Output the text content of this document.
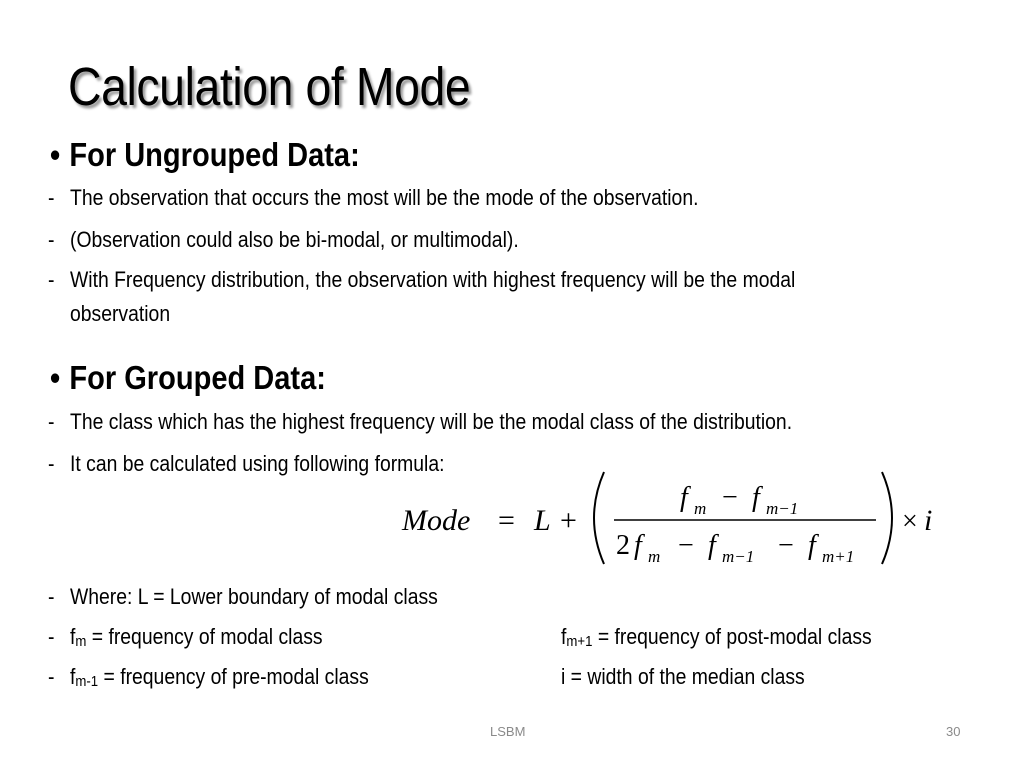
Calculation of Mode
• For Ungrouped Data:
- The observation that occurs the most will be the mode of the observation.
- (Observation could also be bi-modal, or multimodal).
- With Frequency distribution, the observation with highest frequency will be the modal
observation
• For Grouped Data:
- The class which has the highest frequency will be the modal class of the distribution.
- It can be calculated using following formula:
Mode = L +
f m − f m−1
2 f m − f m−1 − f m+1
× i
- Where: L = Lower boundary of modal class
- fm = frequency of modal class	fm+1 = frequency of post-modal class
- fm-1 = frequency of pre-modal class	i = width of the median class
LSBM	30
